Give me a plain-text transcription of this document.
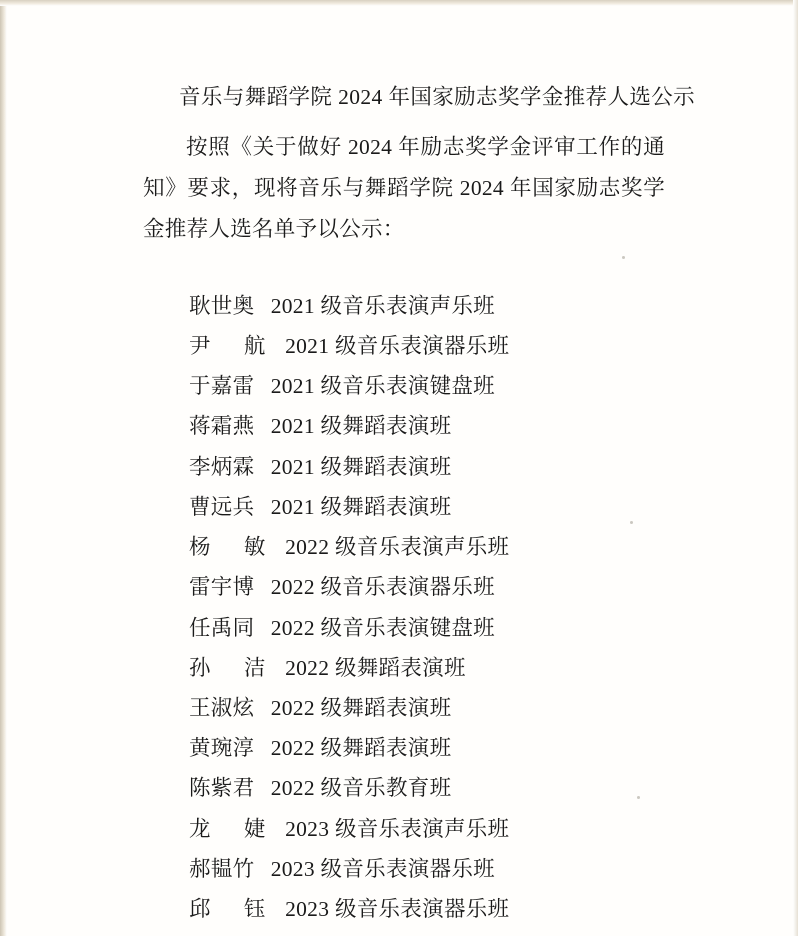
音乐与舞蹈学院 2024 年国家励志奖学金推荐人选公示
按照《关于做好 2024 年励志奖学金评审工作的通知》要求，现将音乐与舞蹈学院 2024 年国家励志奖学金推荐人选名单予以公示：
耿世奥 2021 级音乐表演声乐班
尹 航 2021 级音乐表演器乐班
于嘉雷 2021 级音乐表演键盘班
蒋霜燕 2021 级舞蹈表演班
李炳霖 2021 级舞蹈表演班
曹远兵 2021 级舞蹈表演班
杨 敏 2022 级音乐表演声乐班
雷宇博 2022 级音乐表演器乐班
任禹同 2022 级音乐表演键盘班
孙 洁 2022 级舞蹈表演班
王淑炫 2022 级舞蹈表演班
黄琬淳 2022 级舞蹈表演班
陈紫君 2022 级音乐教育班
龙 婕 2023 级音乐表演声乐班
郝韫竹 2023 级音乐表演器乐班
邱 钰 2023 级音乐表演器乐班
